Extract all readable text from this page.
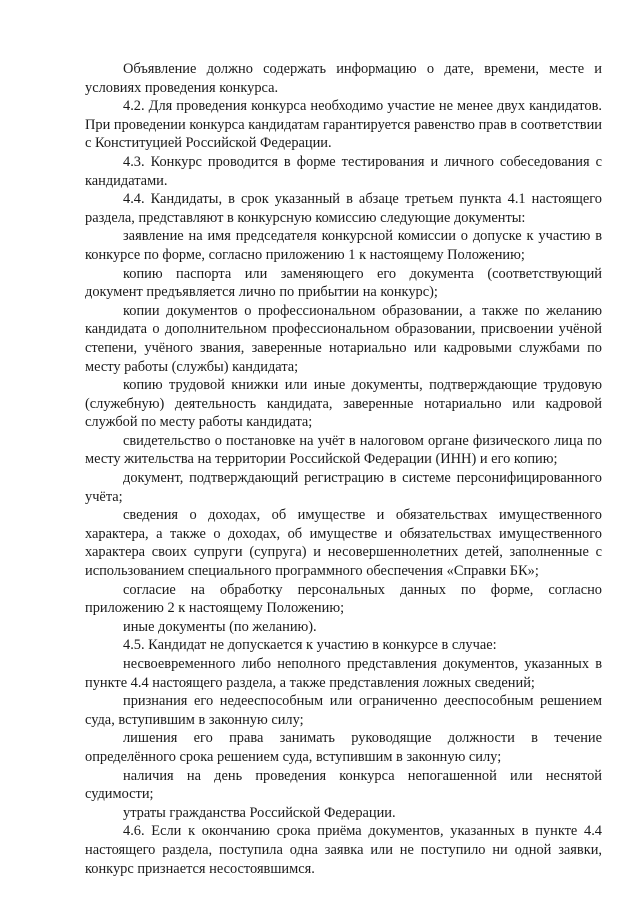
Объявление должно содержать информацию о дате, времени, месте и условиях проведения конкурса.

4.2. Для проведения конкурса необходимо участие не менее двух кандидатов. При проведении конкурса кандидатам гарантируется равенство прав в соответствии с Конституцией Российской Федерации.

4.3. Конкурс проводится в форме тестирования и личного собеседования с кандидатами.

4.4. Кандидаты, в срок указанный в абзаце третьем пункта 4.1 настоящего раздела, представляют в конкурсную комиссию следующие документы:

заявление на имя председателя конкурсной комиссии о допуске к участию в конкурсе по форме, согласно приложению 1 к настоящему Положению;

копию паспорта или заменяющего его документа (соответствующий документ предъявляется лично по прибытии на конкурс);

копии документов о профессиональном образовании, а также по желанию кандидата о дополнительном профессиональном образовании, присвоении учёной степени, учёного звания, заверенные нотариально или кадровыми службами по месту работы (службы) кандидата;

копию трудовой книжки или иные документы, подтверждающие трудовую (служебную) деятельность кандидата, заверенные нотариально или кадровой службой по месту работы кандидата;

свидетельство о постановке на учёт в налоговом органе физического лица по месту жительства на территории Российской Федерации (ИНН) и его копию;

документ, подтверждающий регистрацию в системе персонифицированного учёта;

сведения о доходах, об имуществе и обязательствах имущественного характера, а также о доходах, об имуществе и обязательствах имущественного характера своих супруги (супруга) и несовершеннолетних детей, заполненные с использованием специального программного обеспечения «Справки БК»;

согласие на обработку персональных данных по форме, согласно приложению 2 к настоящему Положению;

иные документы (по желанию).

4.5. Кандидат не допускается к участию в конкурсе в случае:

несвоевременного либо неполного представления документов, указанных в пункте 4.4 настоящего раздела, а также представления ложных сведений;

признания его недееспособным или ограниченно дееспособным решением суда, вступившим в законную силу;

лишения его права занимать руководящие должности в течение определённого срока решением суда, вступившим в законную силу;

наличия на день проведения конкурса непогашенной или неснятой судимости;

утраты гражданства Российской Федерации.

4.6. Если к окончанию срока приёма документов, указанных в пункте 4.4 настоящего раздела, поступила одна заявка или не поступило ни одной заявки, конкурс признается несостоявшимся.
